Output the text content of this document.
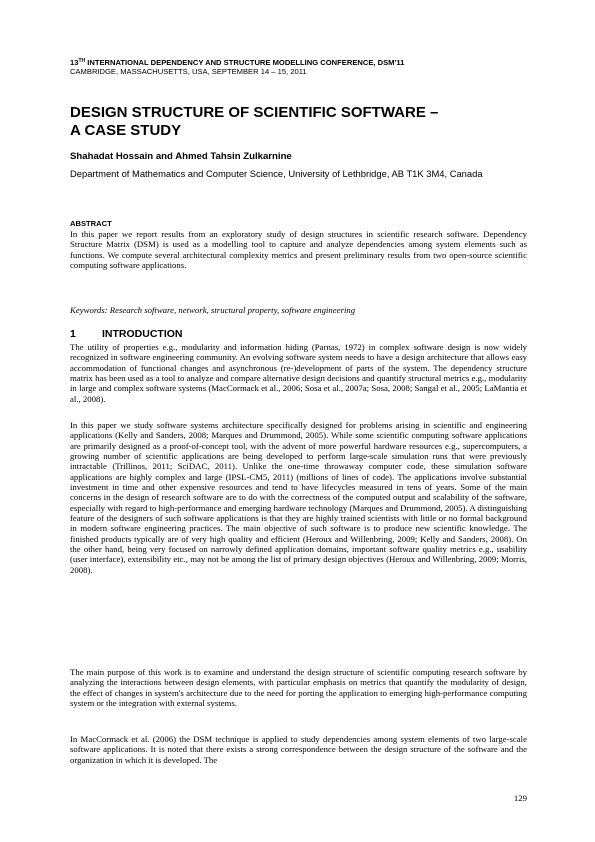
13TH INTERNATIONAL DEPENDENCY AND STRUCTURE MODELLING CONFERENCE, DSM'11
CAMBRIDGE, MASSACHUSETTS, USA, SEPTEMBER 14 – 15, 2011
DESIGN STRUCTURE OF SCIENTIFIC SOFTWARE –
A CASE STUDY
Shahadat Hossain and Ahmed Tahsin Zulkarnine
Department of Mathematics and Computer Science, University of Lethbridge, AB T1K 3M4, Canada
ABSTRACT
In this paper we report results from an exploratory study of design structures in scientific research software. Dependency Structure Matrix (DSM) is used as a modelling tool to capture and analyze dependencies among system elements such as functions. We compute several architectural complexity metrics and present preliminary results from two open-source scientific computing software applications.
Keywords: Research software, network, structural property, software engineering
1 INTRODUCTION
The utility of properties e.g., modularity and information hiding (Parnas, 1972) in complex software design is now widely recognized in software engineering community. An evolving software system needs to have a design architecture that allows easy accommodation of functional changes and asynchronous (re-)development of parts of the system. The dependency structure matrix has been used as a tool to analyze and compare alternative design decisions and quantify structural metrics e.g., modularity in large and complex software systems (MacCormack et al., 2006; Sosa et al., 2007a; Sosa, 2008; Sangal et al., 2005; LaMantia et al., 2008).
In this paper we study software systems architecture specifically designed for problems arising in scientific and engineering applications (Kelly and Sanders, 2008; Marques and Drummond, 2005). While some scientific computing software applications are primarily designed as a proof-of-concept tool, with the advent of more powerful hardware resources e.g., supercomputers, a growing number of scientific applications are being developed to perform large-scale simulation runs that were previously intractable (Trillinos, 2011; SciDAC, 2011). Unlike the one-time throwaway computer code, these simulation software applications are highly complex and large (IPSL-CM5, 2011) (millions of lines of code). The applications involve substantial investment in time and other expensive resources and tend to have lifecycles measured in tens of years. Some of the main concerns in the design of research software are to do with the correctness of the computed output and scalability of the software, especially with regard to high-performance and emerging hardware technology (Marques and Drummond, 2005). A distinguishing feature of the designers of such software applications is that they are highly trained scientists with little or no formal background in modern software engineering practices. The main objective of such software is to produce new scientific knowledge. The finished products typically are of very high quality and efficient (Heroux and Willenbring, 2009; Kelly and Sanders, 2008). On the other hand, being very focused on narrowly defined application domains, important software quality metrics e.g., usability (user interface), extensibility etc., may not be among the list of primary design objectives (Heroux and Willenbring, 2009; Morris, 2008).
The main purpose of this work is to examine and understand the design structure of scientific computing research software by analyzing the interactions between design elements, with particular emphasis on metrics that quantify the modularity of design, the effect of changes in system's architecture due to the need for porting the application to emerging high-performance computing system or the integration with external systems.
In MacCormack et al. (2006) the DSM technique is applied to study dependencies among system elements of two large-scale software applications. It is noted that there exists a strong correspondence between the design structure of the software and the organization in which it is developed. The
129
